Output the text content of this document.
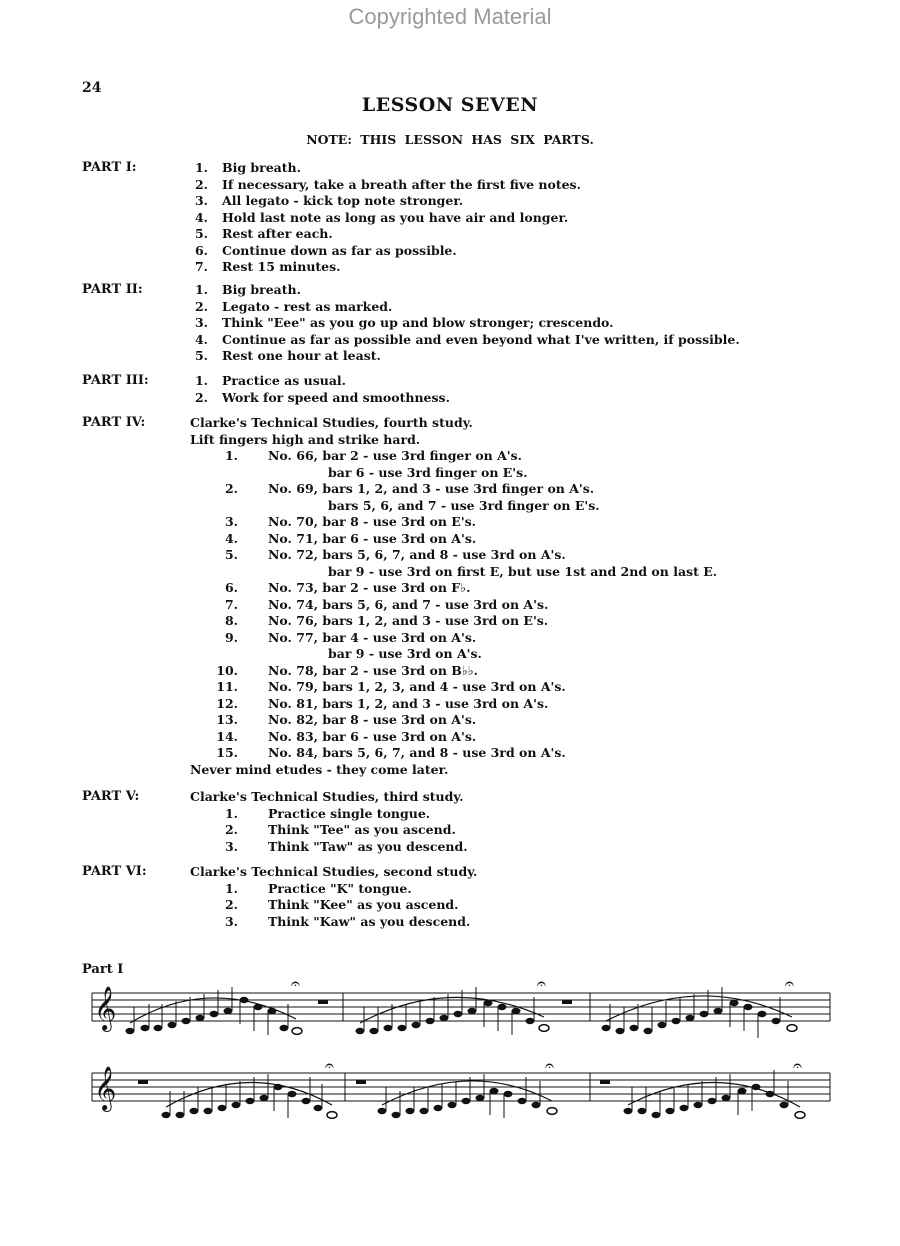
Copyrighted Material
24
LESSON SEVEN
NOTE: THIS LESSON HAS SIX PARTS.
PART I:	1. Big breath.
2. If necessary, take a breath after the first five notes.
3. All legato - kick top note stronger.
4. Hold last note as long as you have air and longer.
5. Rest after each.
6. Continue down as far as possible.
7. Rest 15 minutes.
PART II:	1. Big breath.
2. Legato - rest as marked.
3. Think "Eee" as you go up and blow stronger; crescendo.
4. Continue as far as possible and even beyond what I've written, if possible.
5. Rest one hour at least.
PART III:	1. Practice as usual.
2. Work for speed and smoothness.
PART IV:	Clarke's Technical Studies, fourth study.
Lift fingers high and strike hard.
1. No. 66, bar 2 - use 3rd finger on A's.
bar 6 - use 3rd finger on E's.
2. No. 69, bars 1, 2, and 3 - use 3rd finger on A's.
bars 5, 6, and 7 - use 3rd finger on E's.
3. No. 70, bar 8 - use 3rd on E's.
4. No. 71, bar 6 - use 3rd on A's.
5. No. 72, bars 5, 6, 7, and 8 - use 3rd on A's.
bar 9 - use 3rd on first E, but use 1st and 2nd on last E.
6. No. 73, bar 2 - use 3rd on F♭.
7. No. 74, bars 5, 6, and 7 - use 3rd on A's.
8. No. 76, bars 1, 2, and 3 - use 3rd on E's.
9. No. 77, bar 4 - use 3rd on A's.
bar 9 - use 3rd on A's.
10. No. 78, bar 2 - use 3rd on B♭♭.
11. No. 79, bars 1, 2, 3, and 4 - use 3rd on A's.
12. No. 81, bars 1, 2, and 3 - use 3rd on A's.
13. No. 82, bar 8 - use 3rd on A's.
14. No. 83, bar 6 - use 3rd on A's.
15. No. 84, bars 5, 6, 7, and 8 - use 3rd on A's.
Never mind etudes - they come later.
PART V:	Clarke's Technical Studies, third study.
1. Practice single tongue.
2. Think "Tee" as you ascend.
3. Think "Taw" as you descend.
PART VI:	Clarke's Technical Studies, second study.
1. Practice "K" tongue.
2. Think "Kee" as you ascend.
3. Think "Kaw" as you descend.
Part I
𝄞
𝄐	𝄐	𝄐
𝄞
𝄐	𝄐	𝄐
